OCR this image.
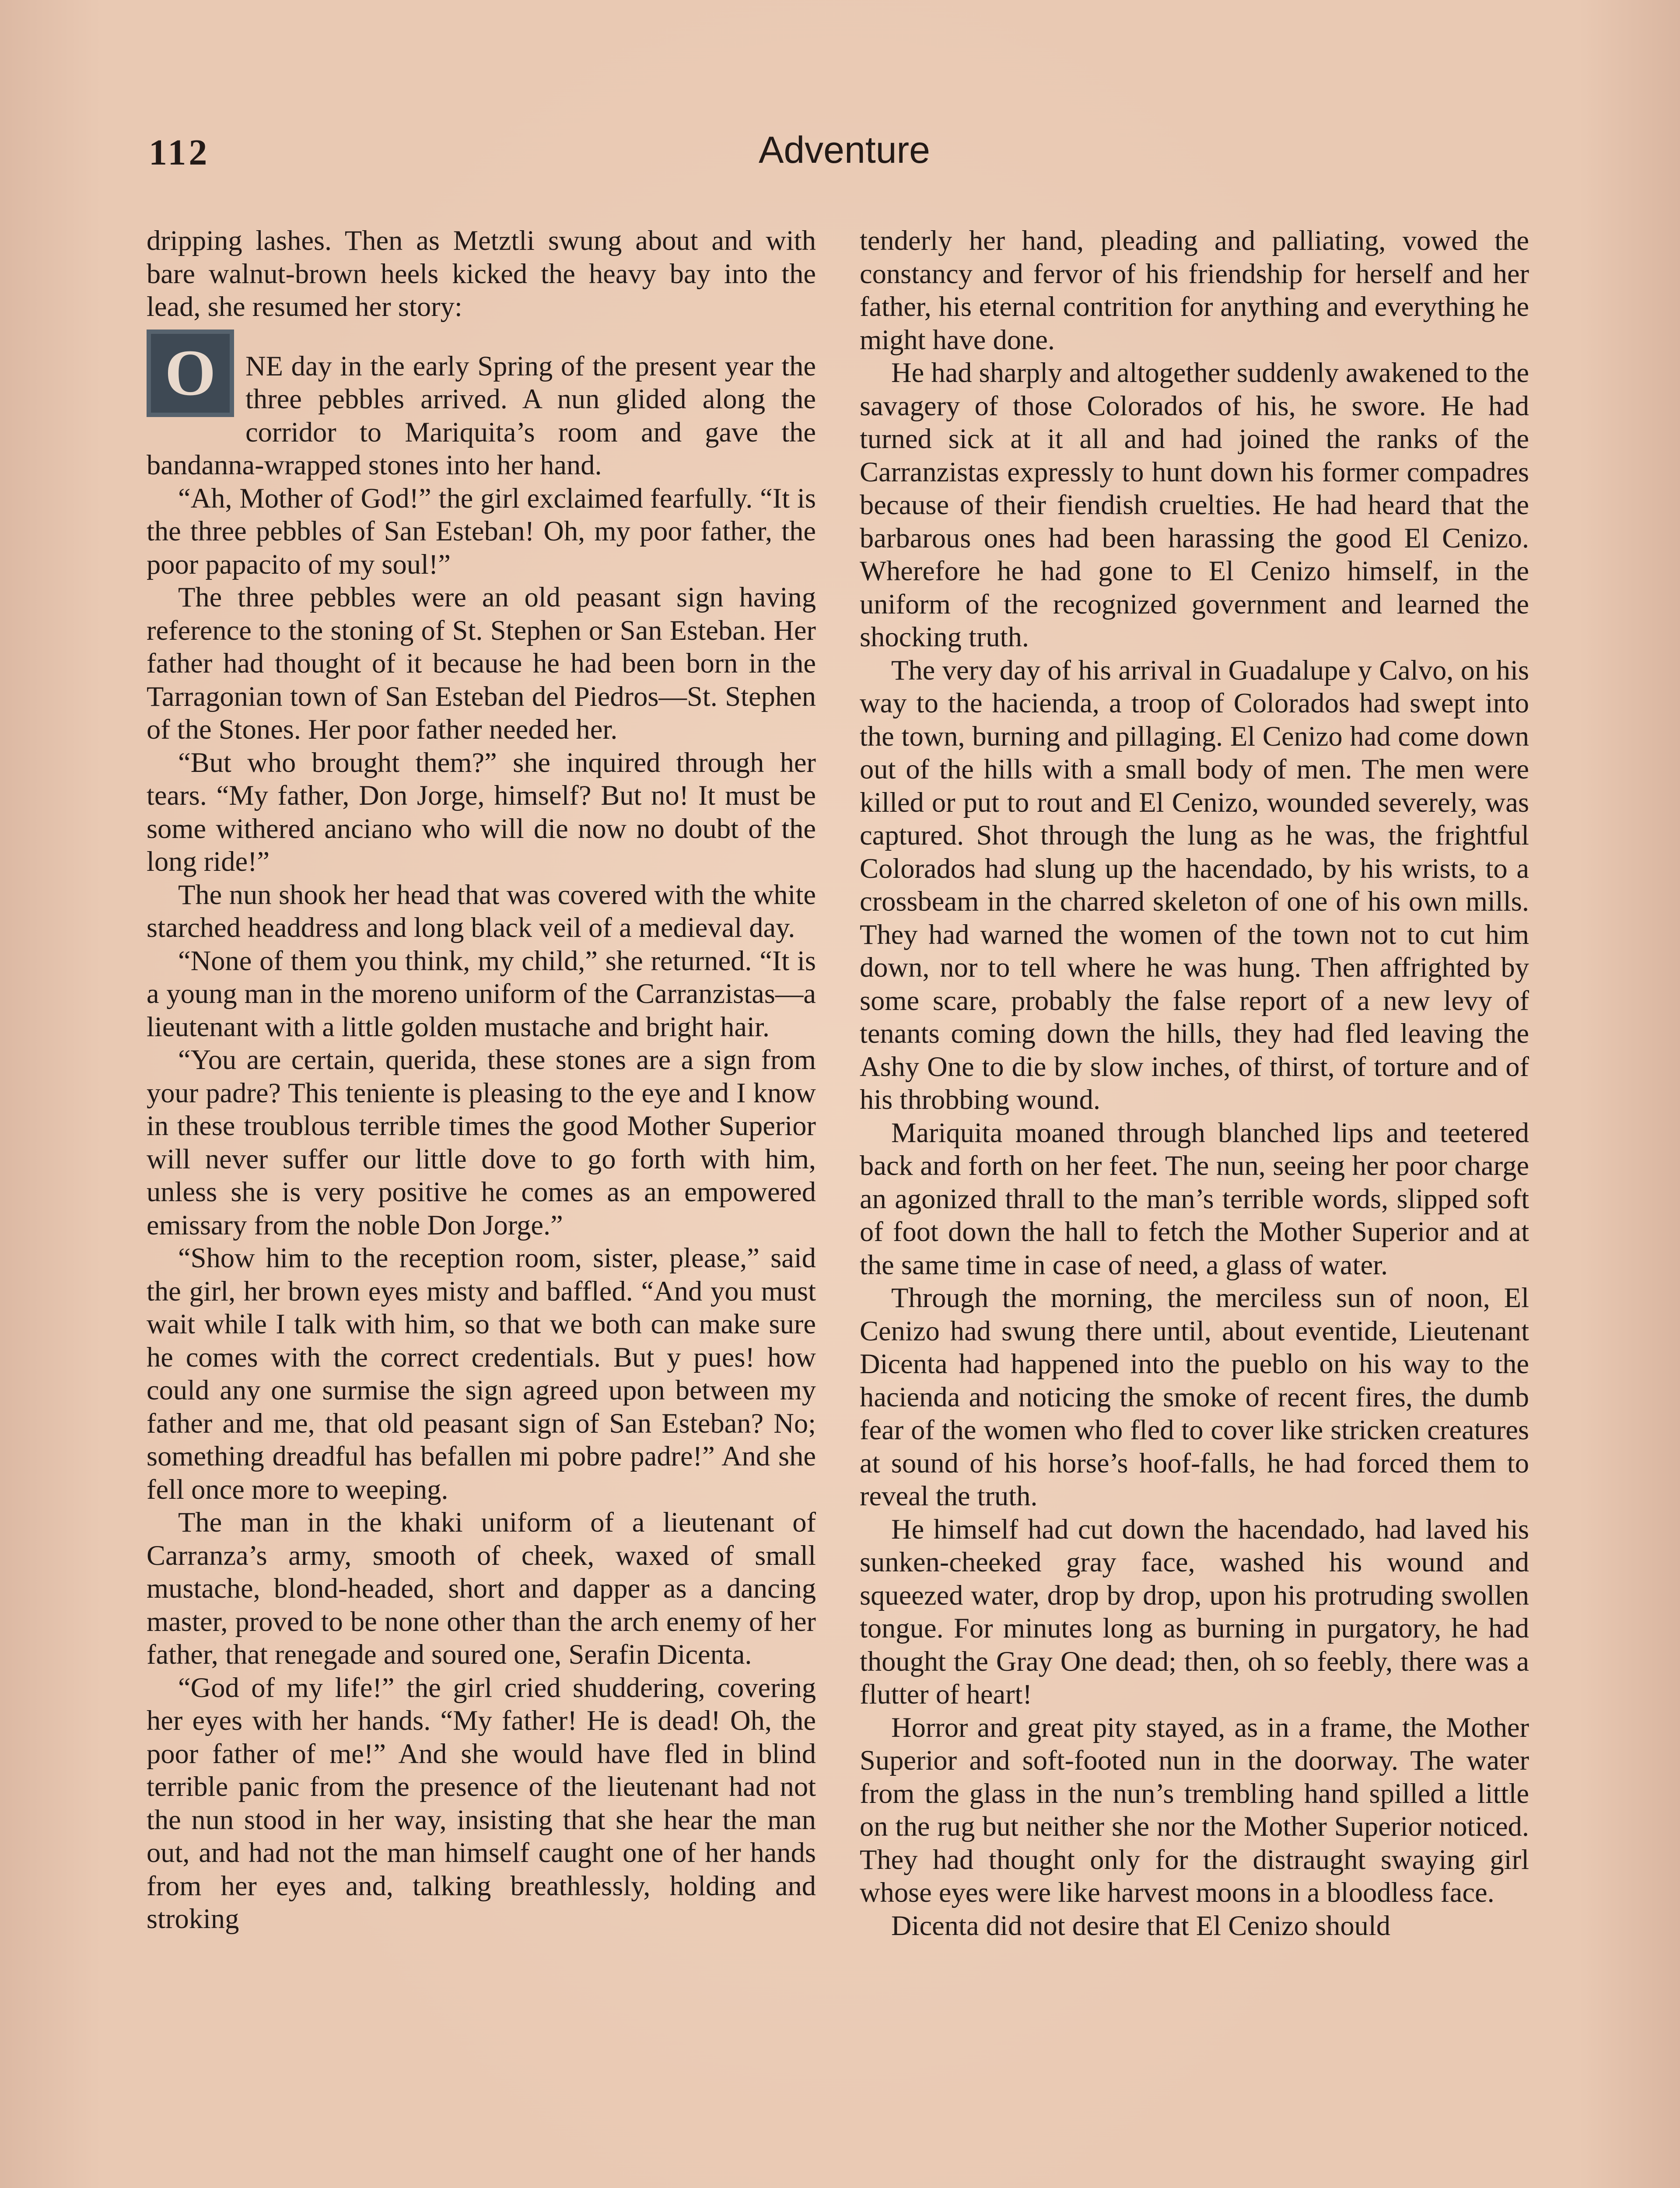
112	Adventure

dripping lashes. Then as Metztli swung about and with bare walnut-brown heels kicked the heavy bay into the lead, she resumed her story:

O	NE day in the early Spring of the present year the three pebbles arrived. A nun glided along the corridor to Mariquita’s room and gave the bandanna-wrapped stones into her hand.

“Ah, Mother of God!” the girl exclaimed fearfully. “It is the three pebbles of San Esteban! Oh, my poor father, the poor papacito of my soul!”

The three pebbles were an old peasant sign having reference to the stoning of St. Stephen or San Esteban. Her father had thought of it because he had been born in the Tarragonian town of San Esteban del Piedros—St. Stephen of the Stones. Her poor father needed her.

“But who brought them?” she inquired through her tears. “My father, Don Jorge, himself? But no! It must be some withered anciano who will die now no doubt of the long ride!”

The nun shook her head that was covered with the white starched headdress and long black veil of a medieval day.

“None of them you think, my child,” she returned. “It is a young man in the moreno uniform of the Carranzistas—a lieutenant with a little golden mustache and bright hair.

“You are certain, querida, these stones are a sign from your padre? This teniente is pleasing to the eye and I know in these troublous terrible times the good Mother Superior will never suffer our little dove to go forth with him, unless she is very positive he comes as an empowered emissary from the noble Don Jorge.”

“Show him to the reception room, sister, please,” said the girl, her brown eyes misty and baffled. “And you must wait while I talk with him, so that we both can make sure he comes with the correct credentials. But y pues! how could any one surmise the sign agreed upon between my father and me, that old peasant sign of San Esteban? No; something dreadful has befallen mi pobre padre!” And she fell once more to weeping.

The man in the khaki uniform of a lieutenant of Carranza’s army, smooth of cheek, waxed of small mustache, blond-headed, short and dapper as a dancing master, proved to be none other than the arch enemy of her father, that renegade and soured one, Serafin Dicenta.

“God of my life!” the girl cried shuddering, covering her eyes with her hands. “My father! He is dead! Oh, the poor father of me!” And she would have fled in blind terrible panic from the presence of the lieutenant had not the nun stood in her way, insisting that she hear the man out, and had not the man himself caught one of her hands from her eyes and, talking breathlessly, holding and stroking

tenderly her hand, pleading and palliating, vowed the constancy and fervor of his friendship for herself and her father, his eternal contrition for anything and everything he might have done.

He had sharply and altogether suddenly awakened to the savagery of those Colorados of his, he swore. He had turned sick at it all and had joined the ranks of the Carranzistas expressly to hunt down his former compadres because of their fiendish cruelties. He had heard that the barbarous ones had been harassing the good El Cenizo. Wherefore he had gone to El Cenizo himself, in the uniform of the recognized government and learned the shocking truth.

The very day of his arrival in Guadalupe y Calvo, on his way to the hacienda, a troop of Colorados had swept into the town, burning and pillaging. El Cenizo had come down out of the hills with a small body of men. The men were killed or put to rout and El Cenizo, wounded severely, was captured. Shot through the lung as he was, the frightful Colorados had slung up the hacendado, by his wrists, to a crossbeam in the charred skeleton of one of his own mills. They had warned the women of the town not to cut him down, nor to tell where he was hung. Then affrighted by some scare, probably the false report of a new levy of tenants coming down the hills, they had fled leaving the Ashy One to die by slow inches, of thirst, of torture and of his throbbing wound.

Mariquita moaned through blanched lips and teetered back and forth on her feet. The nun, seeing her poor charge an agonized thrall to the man’s terrible words, slipped soft of foot down the hall to fetch the Mother Superior and at the same time in case of need, a glass of water.

Through the morning, the merciless sun of noon, El Cenizo had swung there until, about eventide, Lieutenant Dicenta had happened into the pueblo on his way to the hacienda and noticing the smoke of recent fires, the dumb fear of the women who fled to cover like stricken creatures at sound of his horse’s hoof-falls, he had forced them to reveal the truth.

He himself had cut down the hacendado, had laved his sunken-cheeked gray face, washed his wound and squeezed water, drop by drop, upon his protruding swollen tongue. For minutes long as burning in purgatory, he had thought the Gray One dead; then, oh so feebly, there was a flutter of heart!

Horror and great pity stayed, as in a frame, the Mother Superior and soft-footed nun in the doorway. The water from the glass in the nun’s trembling hand spilled a little on the rug but neither she nor the Mother Superior noticed. They had thought only for the distraught swaying girl whose eyes were like harvest moons in a bloodless face.

Dicenta did not desire that El Cenizo should
